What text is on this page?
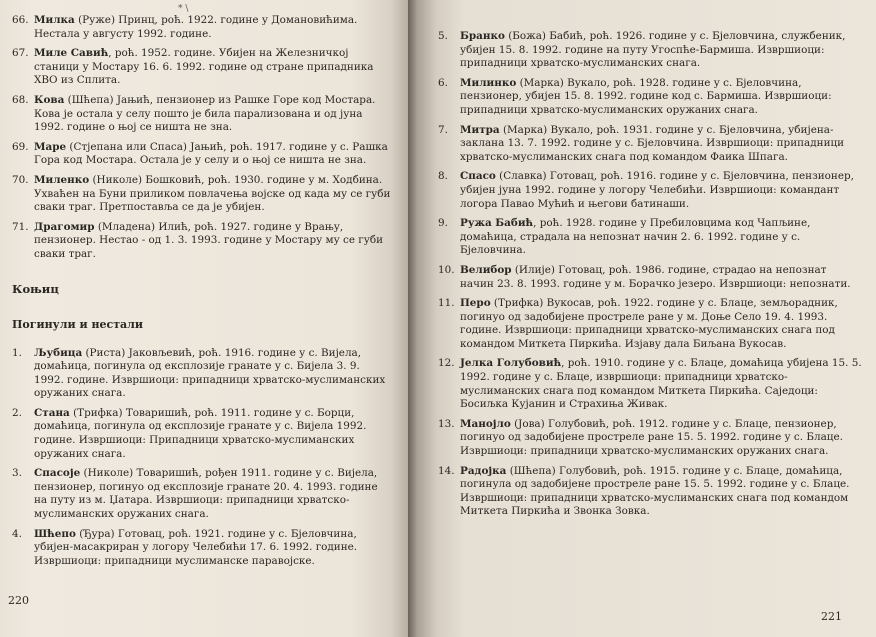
* \
66. Милка (Руже) Принц, роћ. 1922. године у Домановићима. Нестала у августу 1992. године.
67. Миле Савић, роћ. 1952. године. Убијен на Железничкој станици у Мостару 16. 6. 1992. године од стране припадника ХВО из Сплита.
68. Кова (Шћепа) Јањић, пензионер из Рашке Горе код Мостара. Кова је остала у селу пошто је била парализована и од јуна 1992. године о њој се ништа не зна.
69. Маре (Стјепана или Спаса) Јањић, роћ. 1917. године у с. Рашка Гора код Мостара. Остала је у селу и о њој се ништа не зна.
70. Миленко (Николе) Бошковић, роћ. 1930. године у м. Ходбина. Ухваћен на Буни приликом повлачења војске од када му се губи сваки траг. Претпоставља се да је убијен.
71. Драгомир (Младена) Илић, роћ. 1927. године у Врању, пензионер. Нестао - од 1. 3. 1993. године у Мостару му се губи сваки траг.
Коњиц
Погинули и нестали
1.	Љубица (Риста) Јаковљевић, роћ. 1916. године у с. Вијела, домаћица, погинула од експлозије гранате у с. Бијела 3. 9. 1992. године. Извршиоци: припадници хрватско-муслиманских оружаних снага.
2.	Стана (Трифка) Товаришић, роћ. 1911. године у с. Борци, домаћица, погинула од експлозије гранате у с. Вијела 1992. године. Извршиоци: Припадници хрватско-муслиманских оружаних снага.
3.	Спасоје (Николе) Товаришић, рођен 1911. године у с. Вијела, пензионер, погинуо од експлозије гранате 20. 4. 1993. године на путу из м. Џатара. Извршиоци: припадници хрватско-муслиманских оружаних снага.
4.	Шћепо (Ђура) Готовац, роћ. 1921. године у с. Бјеловчина, убијен-масакриран у логору Челебићи 17. 6. 1992. године. Извршиоци: припадници муслиманске паравојске.
220
5.	Бранко (Божа) Бабић, роћ. 1926. године у с. Бјеловчина, службеник, убијен 15. 8. 1992. године на путу Угоспће-Бармиша. Извршиоци: припадници хрватско-муслиманских снага.
6.	Милинко (Марка) Вукало, роћ. 1928. године у с. Бјеловчина, пензионер, убијен 15. 8. 1992. године код с. Бармиша. Извршиоци: припадници хрватско-муслиманских оружаних снага.
7.	Митра (Марка) Вукало, роћ. 1931. године у с. Бјеловчина, убијена-заклана 13. 7. 1992. године у с. Бјеловчина. Извршиоци: припадници хрватско-муслиманских снага под командом Фаика Шпага.
8.	Спасо (Славка) Готовац, роћ. 1916. године у с. Бјеловчина, пензионер, убијен јуна 1992. године у логору Челебићи. Извршиоци: командант логора Павао Мућић и његови батинаши.
9.	Ружа Бабић, роћ. 1928. године у Пребиловцима код Чапљине, домаћица, страдала на непознат начин 2. 6. 1992. године у с. Бјеловчина.
10. Велибор (Илије) Готовац, роћ. 1986. године, страдао на непознат начин 23. 8. 1993. године у м. Борачко језеро. Извршиоци: непознати.
11. Перо (Трифка) Вукосав, роћ. 1922. године у с. Блаце, земљорадник, погинуо од задобијене простреле ране у м. Доње Село 19. 4. 1993. године. Извршиоци: припадници хрватско-муслиманских снага под командом Миткета Пиркића. Изјаву дала Биљана Вукосав.
12. Јелка Голубовић, роћ. 1910. године у с. Блаце, домаћица убијена 15. 5. 1992. године у с. Блаце, извршиоци: припадници хрватско-муслиманских снага под командом Миткета Пиркића. Саједоци: Босиљка Кујанин и Страхиња Живак.
13. Манојло (Јова) Голубовић, роћ. 1912. године у с. Блаце, пензионер, погинуо од задобијене простреле ране 15. 5. 1992. године у с. Блаце. Извршиоци: припадници хрватско-муслиманских оружаних снага.
14. Радојка (Шћепа) Голубовић, роћ. 1915. године у с. Блаце, домаћица, погинула од задобијене простреле ране 15. 5. 1992. године у с. Блаце. Извршиоци: припадници хрватско-муслиманских снага под командом Миткета Пиркића и Звонка Зовка.
221
